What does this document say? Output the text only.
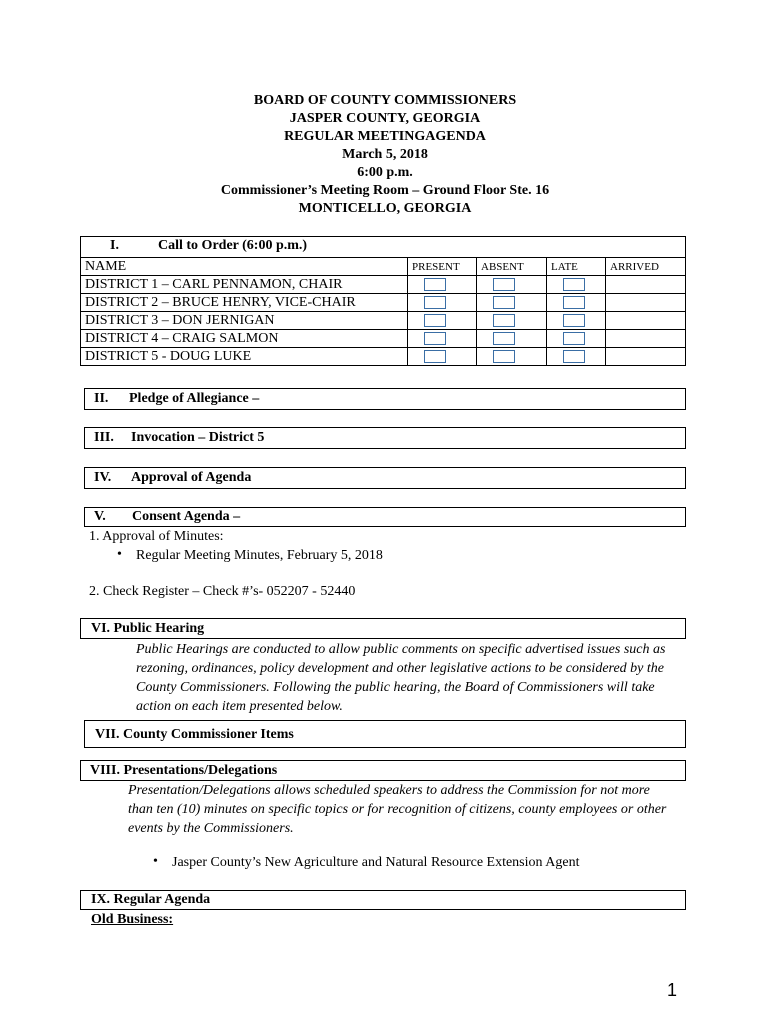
BOARD OF COUNTY COMMISSIONERS
JASPER COUNTY, GEORGIA
REGULAR MEETINGAGENDA
March 5, 2018
6:00 p.m.
Commissioner’s Meeting Room – Ground Floor Ste. 16
MONTICELLO, GEORGIA
I.	Call to Order (6:00 p.m.)
NAME	PRESENT	ABSENT	LATE	ARRIVED
DISTRICT 1 – CARL PENNAMON, CHAIR				
DISTRICT 2 – BRUCE HENRY, VICE-CHAIR				
DISTRICT 3 – DON JERNIGAN				
DISTRICT 4 – CRAIG SALMON				
DISTRICT 5 - DOUG LUKE				
II. Pledge of Allegiance –
III. Invocation – District 5
IV. Approval of Agenda
V. Consent Agenda –
1. Approval of Minutes:
• Regular Meeting Minutes, February 5, 2018
2. Check Register – Check #’s- 052207 - 52440
VI. Public Hearing
Public Hearings are conducted to allow public comments on specific advertised issues such as rezoning, ordinances, policy development and other legislative actions to be considered by the County Commissioners. Following the public hearing, the Board of Commissioners will take action on each item presented below.
VII. County Commissioner Items
VIII. Presentations/Delegations
Presentation/Delegations allows scheduled speakers to address the Commission for not more than ten (10) minutes on specific topics or for recognition of citizens, county employees or other events by the Commissioners.
• Jasper County’s New Agriculture and Natural Resource Extension Agent
IX. Regular Agenda
Old Business:
1
